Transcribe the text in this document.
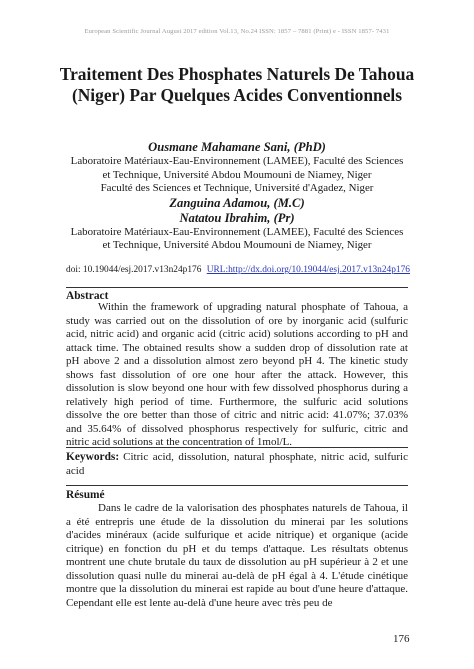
European Scientific Journal August 2017 edition Vol.13, No.24 ISSN: 1857 – 7881 (Print) e - ISSN 1857- 7431
Traitement Des Phosphates Naturels De Tahoua (Niger) Par Quelques Acides Conventionnels
Ousmane Mahamane Sani, (PhD)
Laboratoire Matériaux-Eau-Environnement (LAMEE), Faculté des Sciences
et Technique, Université Abdou Moumouni de Niamey, Niger
Faculté des Sciences et Technique, Université d'Agadez, Niger
Zanguina Adamou, (M.C)
Natatou Ibrahim, (Pr)
Laboratoire Matériaux-Eau-Environnement (LAMEE), Faculté des Sciences
et Technique, Université Abdou Moumouni de Niamey, Niger
doi: 10.19044/esj.2017.v13n24p176 URL:http://dx.doi.org/10.19044/esj.2017.v13n24p176
Abstract

Within the framework of upgrading natural phosphate of Tahoua, a study was carried out on the dissolution of ore by inorganic acid (sulfuric acid, nitric acid) and organic acid (citric acid) solutions according to pH and attack time. The obtained results show a sudden drop of dissolution rate at pH above 2 and a dissolution almost zero beyond pH 4. The kinetic study shows fast dissolution of ore one hour after the attack. However, this dissolution is slow beyond one hour with few dissolved phosphorus during a relatively high period of time. Furthermore, the sulfuric acid solutions dissolve the ore better than those of citric and nitric acid: 41.07%; 37.03% and 35.64% of dissolved phosphorus respectively for sulfuric, citric and nitric acid solutions at the concentration of 1mol/L.

Keywords: Citric acid, dissolution, natural phosphate, nitric acid, sulfuric acid
Résumé

Dans le cadre de la valorisation des phosphates naturels de Tahoua, il a été entrepris une étude de la dissolution du minerai par les solutions d'acides minéraux (acide sulfurique et acide nitrique) et organique (acide citrique) en fonction du pH et du temps d'attaque. Les résultats obtenus montrent une chute brutale du taux de dissolution au pH supérieur à 2 et une dissolution quasi nulle du minerai au-delà de pH égal à 4. L'étude cinétique montre que la dissolution du minerai est rapide au bout d'une heure d'attaque. Cependant elle est lente au-delà d'une heure avec très peu de

176
